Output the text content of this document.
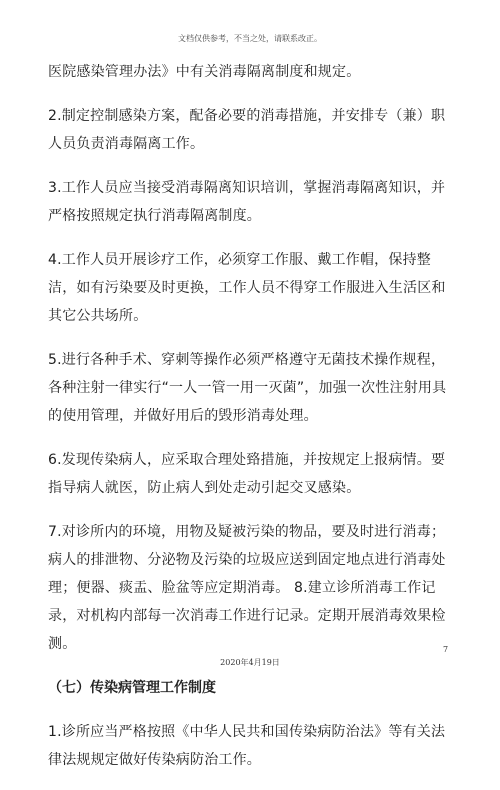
文档仅供参考，不当之处，请联系改正。

医院感染管理办法》中有关消毒隔离制度和规定。

2.制定控制感染方案，配备必要的消毒措施，并安排专（兼）职人员负责消毒隔离工作。

3.工作人员应当接受消毒隔离知识培训，掌握消毒隔离知识，并严格按照规定执行消毒隔离制度。

4.工作人员开展诊疗工作，必须穿工作服、戴工作帽，保持整洁，如有污染要及时更换，工作人员不得穿工作服进入生活区和其它公共场所。

5.进行各种手术、穿刺等操作必须严格遵守无菌技术操作规程，各种注射一律实行“一人一管一用一灭菌”，加强一次性注射用具的使用管理，并做好用后的毁形消毒处理。

6.发现传染病人，应采取合理处臵措施，并按规定上报病情。要指导病人就医，防止病人到处走动引起交叉感染。

7.对诊所内的环境，用物及疑被污染的物品，要及时进行消毒；病人的排泄物、分泌物及污染的垃圾应送到固定地点进行消毒处理；便器、痰盂、脸盆等应定期消毒。 8.建立诊所消毒工作记录，对机构内部每一次消毒工作进行记录。定期开展消毒效果检测。

（七）传染病管理工作制度

1.诊所应当严格按照《中华人民共和国传染病防治法》等有关法律法规规定做好传染病防治工作。

7
2020年4月19日
